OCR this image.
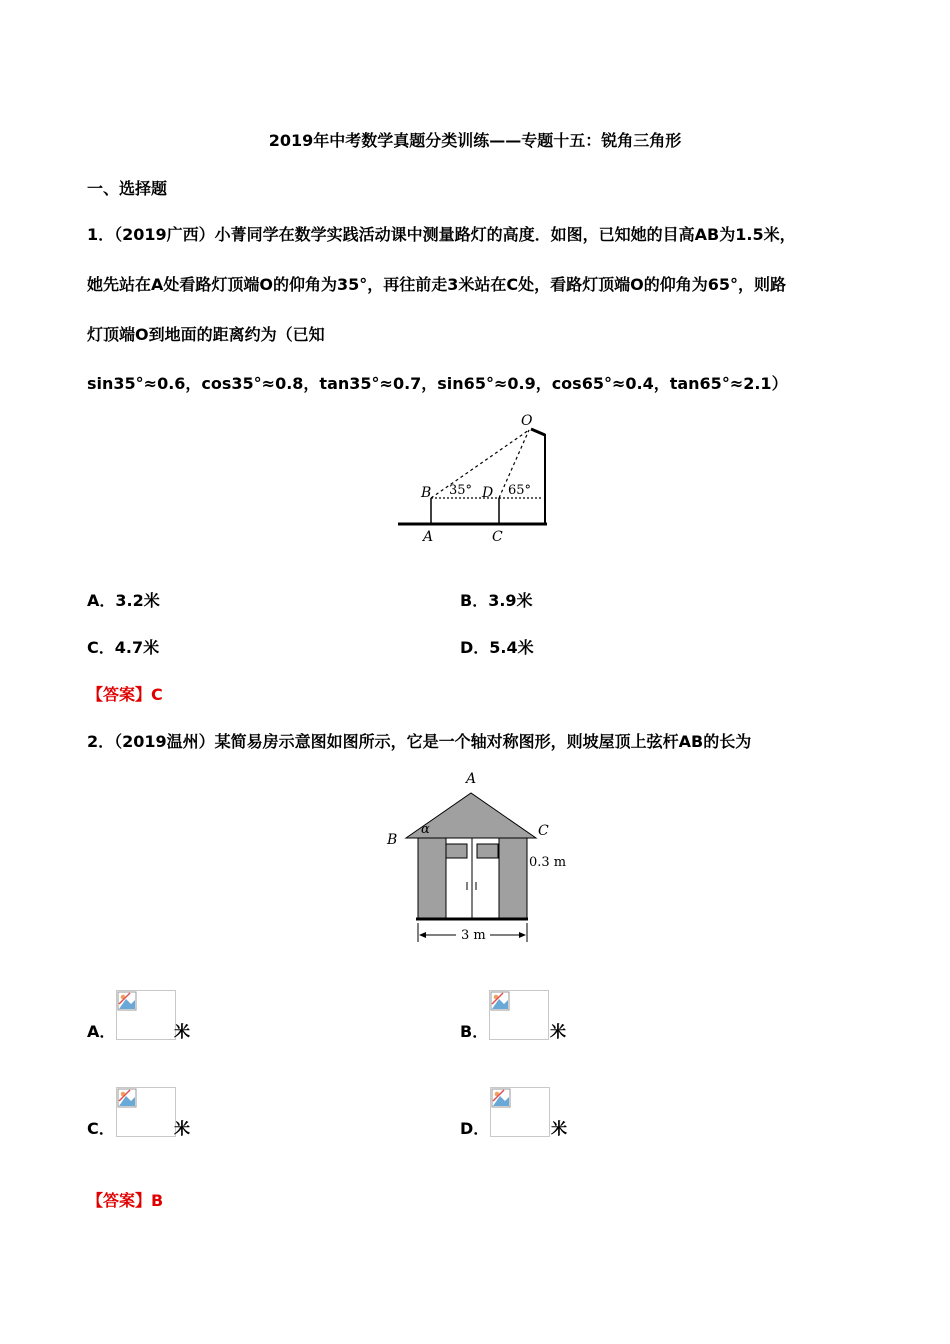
2019年中考数学真题分类训练——专题十五：锐角三角形
一、选择题
1．（2019广西）小菁同学在数学实践活动课中测量路灯的高度．如图，已知她的目高AB为1.5米，
她先站在A处看路灯顶端O的仰角为35°，再往前走3米站在C处，看路灯顶端O的仰角为65°，则路
灯顶端O到地面的距离约为（已知
sin35°≈0.6，cos35°≈0.8，tan35°≈0.7，sin65°≈0.9，cos65°≈0.4，tan65°≈2.1）
O
B 35° D 65°
A	C
A．3.2米	B．3.9米
C．4.7米	D．5.4米
【答案】C
2．（2019温州）某简易房示意图如图所示，它是一个轴对称图形，则坡屋顶上弦杆AB的长为
A
B
C
α
0.3 m
3 m
A．	米	B．	米
C．	米	D．	米
【答案】B
